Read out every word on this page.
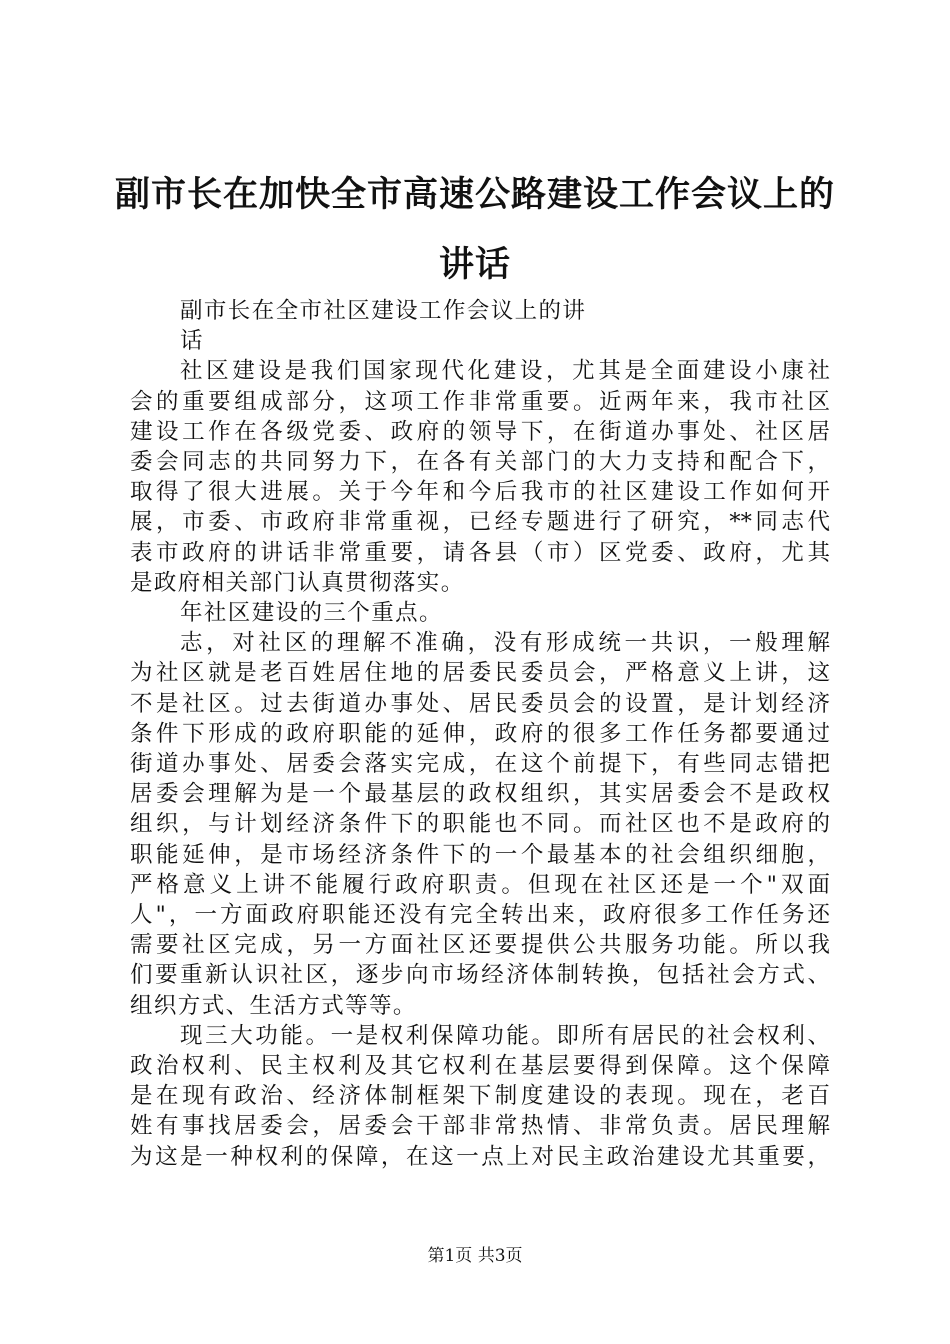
副市长在加快全市高速公路建设工作会议上的
讲话
副市长在全市社区建设工作会议上的讲
话
社区建设是我们国家现代化建设，尤其是全面建设小康社
会的重要组成部分，这项工作非常重要。近两年来，我市社区
建设工作在各级党委、政府的领导下，在街道办事处、社区居
委会同志的共同努力下，在各有关部门的大力支持和配合下，
取得了很大进展。关于今年和今后我市的社区建设工作如何开
展，市委、市政府非常重视，已经专题进行了研究，**同志代
表市政府的讲话非常重要，请各县（市）区党委、政府，尤其
是政府相关部门认真贯彻落实。
年社区建设的三个重点。
志，对社区的理解不准确，没有形成统一共识，一般理解
为社区就是老百姓居住地的居委民委员会，严格意义上讲，这
不是社区。过去街道办事处、居民委员会的设置，是计划经济
条件下形成的政府职能的延伸，政府的很多工作任务都要通过
街道办事处、居委会落实完成，在这个前提下，有些同志错把
居委会理解为是一个最基层的政权组织，其实居委会不是政权
组织，与计划经济条件下的职能也不同。而社区也不是政府的
职能延伸，是市场经济条件下的一个最基本的社会组织细胞，
严格意义上讲不能履行政府职责。但现在社区还是一个"双面
人"，一方面政府职能还没有完全转出来，政府很多工作任务还
需要社区完成，另一方面社区还要提供公共服务功能。所以我
们要重新认识社区，逐步向市场经济体制转换，包括社会方式、
组织方式、生活方式等等。
现三大功能。一是权利保障功能。即所有居民的社会权利、
政治权利、民主权利及其它权利在基层要得到保障。这个保障
是在现有政治、经济体制框架下制度建设的表现。现在，老百
姓有事找居委会，居委会干部非常热情、非常负责。居民理解
为这是一种权利的保障，在这一点上对民主政治建设尤其重要，
第1页 共3页
